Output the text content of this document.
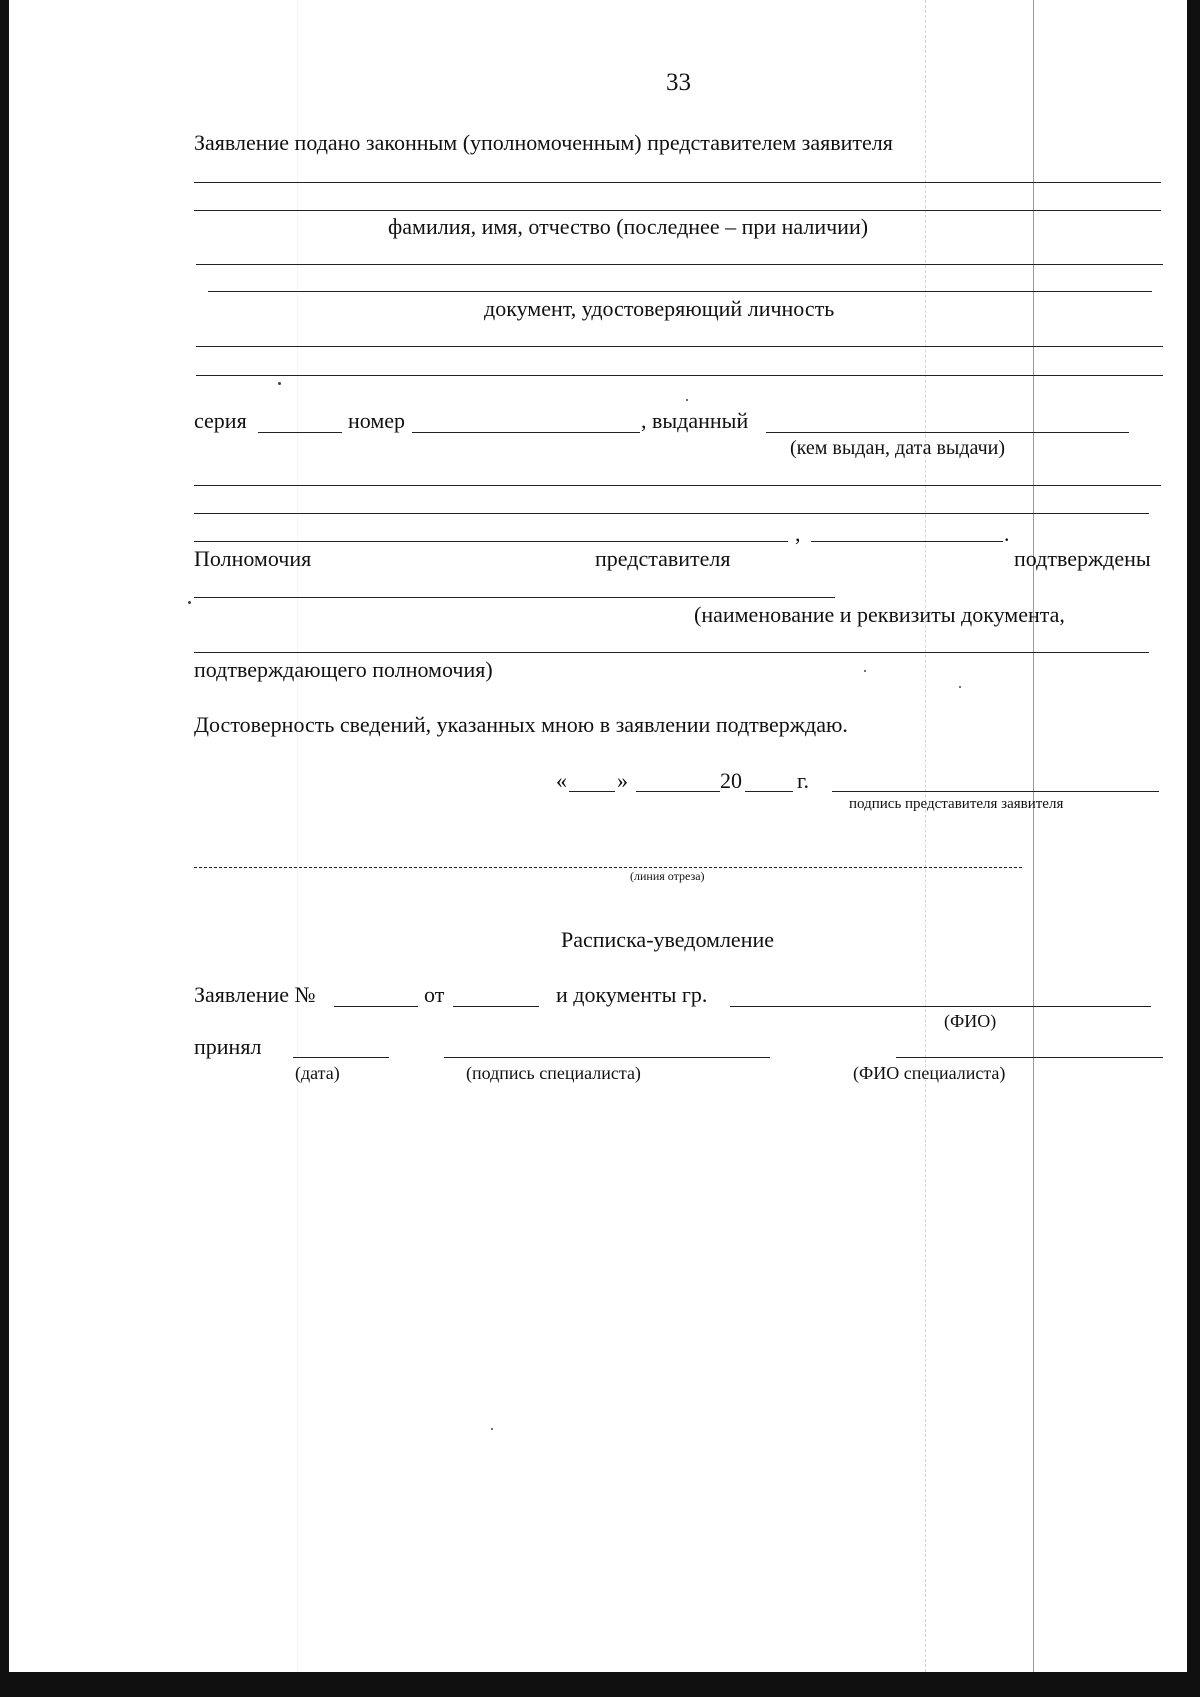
33
Заявление подано законным (уполномоченным) представителем заявителя
фамилия, имя, отчество (последнее – при наличии)
документ, удостоверяющий личность
серия	номер	, выданный
(кем выдан, дата выдачи)
,	.
Полномочия	представителя	подтверждены
(наименование и реквизиты документа,
подтверждающего полномочия)
Достоверность сведений, указанных мною в заявлении подтверждаю.
« »	20	г.
подпись представителя заявителя
(линия отреза)
Расписка-уведомление
Заявление №	от	и документы гр.
(ФИО)
принял
(дата)	(подпись специалиста)	(ФИО специалиста)
